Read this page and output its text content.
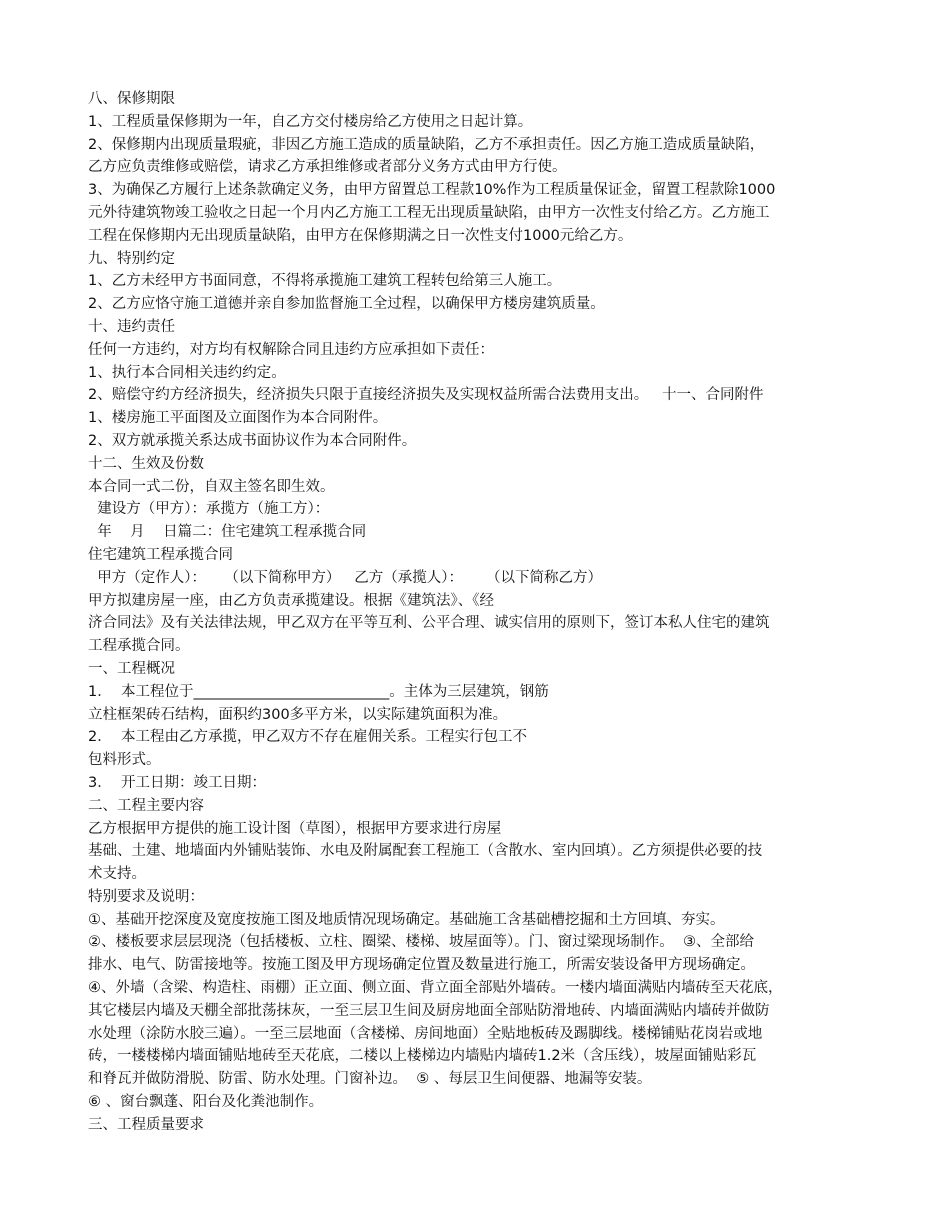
八、保修期限
1、工程质量保修期为一年，自乙方交付楼房给乙方使用之日起计算。
2、保修期内出现质量瑕疵，非因乙方施工造成的质量缺陷，乙方不承担责任。因乙方施工造成质量缺陷，
乙方应负责维修或赔偿，请求乙方承担维修或者部分义务方式由甲方行使。
3、为确保乙方履行上述条款确定义务，由甲方留置总工程款10%作为工程质量保证金，留置工程款除1000
元外待建筑物竣工验收之日起一个月内乙方施工工程无出现质量缺陷，由甲方一次性支付给乙方。乙方施工
工程在保修期内无出现质量缺陷，由甲方在保修期满之日一次性支付1000元给乙方。
九、特别约定
1、乙方未经甲方书面同意，不得将承揽施工建筑工程转包给第三人施工。
2、乙方应恪守施工道德并亲自参加监督施工全过程，以确保甲方楼房建筑质量。
十、违约责任
任何一方违约，对方均有权解除合同且违约方应承担如下责任：
1、执行本合同相关违约约定。
2、赔偿守约方经济损失，经济损失只限于直接经济损失及实现权益所需合法费用支出。   十一、合同附件
1、楼房施工平面图及立面图作为本合同附件。
2、双方就承揽关系达成书面协议作为本合同附件。
十二、生效及份数
本合同一式二份，自双主签名即生效。
建设方（甲方）：承揽方（施工方）：
年    月    日篇二：住宅建筑工程承揽合同
住宅建筑工程承揽合同
甲方（定作人）：    （以下简称甲方）   乙方（承揽人）：     （以下简称乙方）
甲方拟建房屋一座，由乙方负责承揽建设。根据《建筑法》、《经
济合同法》及有关法律法规，甲乙双方在平等互利、公平合理、诚实信用的原则下，签订本私人住宅的建筑
工程承揽合同。
一、工程概况
1．  本工程位于___________________________。主体为三层建筑，钢筋
立柱框架砖石结构，面积约300多平方米，以实际建筑面积为准。
2．  本工程由乙方承揽，甲乙双方不存在雇佣关系。工程实行包工不
包料形式。
3．  开工日期：竣工日期：
二、工程主要内容
乙方根据甲方提供的施工设计图（草图），根据甲方要求进行房屋
基础、土建、地墙面内外铺贴装饰、水电及附属配套工程施工（含散水、室内回填）。乙方须提供必要的技
术支持。
特别要求及说明：
①、基础开挖深度及宽度按施工图及地质情况现场确定。基础施工含基础槽挖掘和土方回填、夯实。
②、楼板要求层层现浇（包括楼板、立柱、圈梁、楼梯、坡屋面等）。门、窗过梁现场制作。  ③、全部给
排水、电气、防雷接地等。按施工图及甲方现场确定位置及数量进行施工，所需安装设备甲方现场确定。
④、外墙（含梁、构造柱、雨棚）正立面、侧立面、背立面全部贴外墙砖。一楼内墙面满贴内墙砖至天花底，
其它楼层内墙及天棚全部批荡抹灰，一至三层卫生间及厨房地面全部贴防滑地砖、内墙面满贴内墙砖并做防
水处理（涂防水胶三遍）。一至三层地面（含楼梯、房间地面）全贴地板砖及踢脚线。楼梯铺贴花岗岩或地
砖，一楼楼梯内墙面铺贴地砖至天花底，二楼以上楼梯边内墙贴内墙砖1.2米（含压线），坡屋面铺贴彩瓦
和脊瓦并做防滑脱、防雷、防水处理。门窗补边。  ⑤ 、每层卫生间便器、地漏等安装。
⑥ 、窗台飘蓬、阳台及化粪池制作。
三、工程质量要求
